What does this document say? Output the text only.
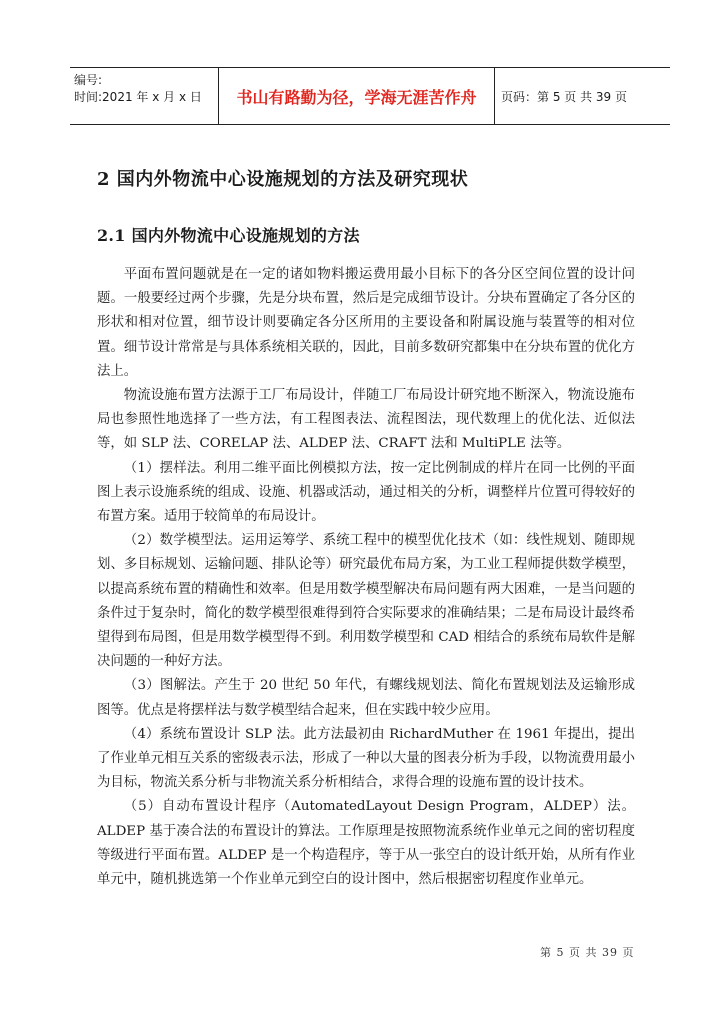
编号:
时间:2021 年 x 月 x 日	书山有路勤为径，学海无涯苦作舟	页码：第 5 页 共 39 页
2 国内外物流中心设施规划的方法及研究现状
2.1 国内外物流中心设施规划的方法

平面布置问题就是在一定的诸如物料搬运费用最小目标下的各分区空间位置的设计问题。一般要经过两个步骤，先是分块布置，然后是完成细节设计。分块布置确定了各分区的形状和相对位置，细节设计则要确定各分区所用的主要设备和附属设施与装置等的相对位置。细节设计常常是与具体系统相关联的，因此，目前多数研究都集中在分块布置的优化方法上。

物流设施布置方法源于工厂布局设计，伴随工厂布局设计研究地不断深入，物流设施布局也参照性地选择了一些方法，有工程图表法、流程图法，现代数理上的优化法、近似法等，如 SLP 法、CORELAP 法、ALDEP 法、CRAFT 法和 MultiPLE 法等。

（1）摆样法。利用二维平面比例模拟方法，按一定比例制成的样片在同一比例的平面图上表示设施系统的组成、设施、机器或活动，通过相关的分析，调整样片位置可得较好的布置方案。适用于较简单的布局设计。

（2）数学模型法。运用运筹学、系统工程中的模型优化技术（如：线性规划、随即规划、多目标规划、运输问题、排队论等）研究最优布局方案，为工业工程师提供数学模型，以提高系统布置的精确性和效率。但是用数学模型解决布局问题有两大困难，一是当问题的条件过于复杂时，简化的数学模型很难得到符合实际要求的准确结果；二是布局设计最终希望得到布局图，但是用数学模型得不到。利用数学模型和 CAD 相结合的系统布局软件是解决问题的一种好方法。

（3）图解法。产生于 20 世纪 50 年代，有螺线规划法、简化布置规划法及运输形成图等。优点是将摆样法与数学模型结合起来，但在实践中较少应用。

（4）系统布置设计 SLP 法。此方法最初由 RichardMuther 在 1961 年提出，提出了作业单元相互关系的密级表示法，形成了一种以大量的图表分析为手段，以物流费用最小为目标，物流关系分析与非物流关系分析相结合，求得合理的设施布置的设计技术。

（5）自动布置设计程序（AutomatedLayout Design Program，ALDEP）法。ALDEP 基于凑合法的布置设计的算法。工作原理是按照物流系统作业单元之间的密切程度等级进行平面布置。ALDEP 是一个构造程序，等于从一张空白的设计纸开始，从所有作业单元中，随机挑选第一个作业单元到空白的设计图中，然后根据密切程度作业单元。

第 5 页 共 39 页
